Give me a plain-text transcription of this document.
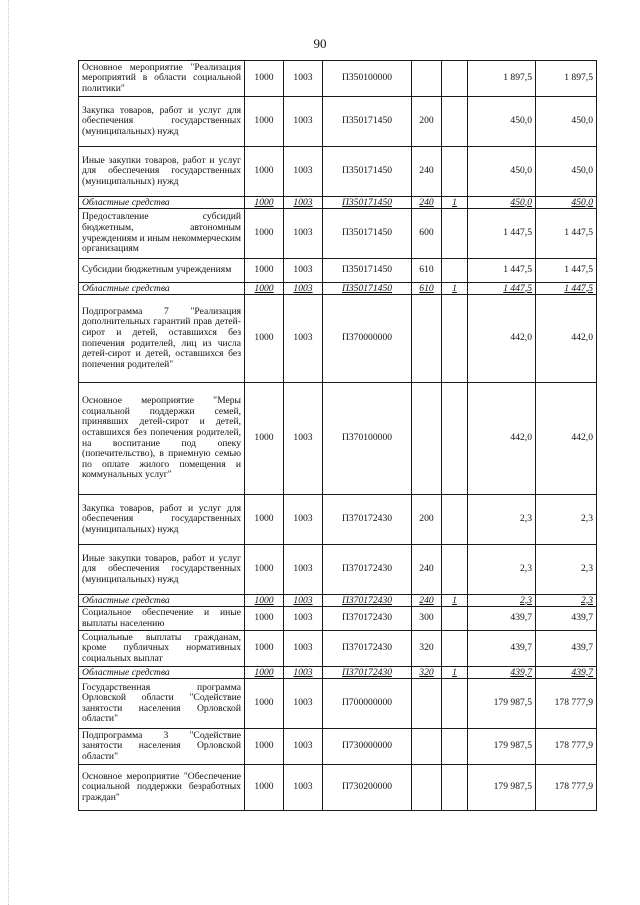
90
Основное мероприятие "Реализация мероприятий в области социальной политики"	1000	1003	П350100000			1 897,5	1 897,5
Закупка товаров, работ и услуг для обеспечения государственных (муниципальных) нужд	1000	1003	П350171450	200		450,0	450,0
Иные закупки товаров, работ и услуг для обеспечения государственных (муниципальных) нужд	1000	1003	П350171450	240		450,0	450,0
Областные средства	1000	1003	П350171450	240	1	450,0	450,0
Предоставление субсидий бюджетным, автономным учреждениям и иным некоммерческим организациям	1000	1003	П350171450	600		1 447,5	1 447,5
Субсидии бюджетным учреждениям	1000	1003	П350171450	610		1 447,5	1 447,5
Областные средства	1000	1003	П350171450	610	1	1 447,5	1 447,5
Подпрограмма 7 "Реализация дополнительных гарантий прав детей-сирот и детей, оставшихся без попечения родителей, лиц из числа детей-сирот и детей, оставшихся без попечения родителей"	1000	1003	П370000000			442,0	442,0
Основное мероприятие "Меры социальной поддержки семей, принявших детей-сирот и детей, оставшихся без попечения родителей, на воспитание под опеку (попечительство), в приемную семью по оплате жилого помещения и коммунальных услуг"	1000	1003	П370100000			442,0	442,0
Закупка товаров, работ и услуг для обеспечения государственных (муниципальных) нужд	1000	1003	П370172430	200		2,3	2,3
Иные закупки товаров, работ и услуг для обеспечения государственных (муниципальных) нужд	1000	1003	П370172430	240		2,3	2,3
Областные средства	1000	1003	П370172430	240	1	2,3	2,3
Социальное обеспечение и иные выплаты населению	1000	1003	П370172430	300		439,7	439,7
Социальные выплаты гражданам, кроме публичных нормативных социальных выплат	1000	1003	П370172430	320		439,7	439,7
Областные средства	1000	1003	П370172430	320	1	439,7	439,7
Государственная программа Орловской области "Содействие занятости населения Орловской области"	1000	1003	П700000000			179 987,5	178 777,9
Подпрограмма 3 "Содействие занятости населения Орловской области"	1000	1003	П730000000			179 987,5	178 777,9
Основное мероприятие "Обеспечение социальной поддержки безработных граждан"	1000	1003	П730200000			179 987,5	178 777,9
